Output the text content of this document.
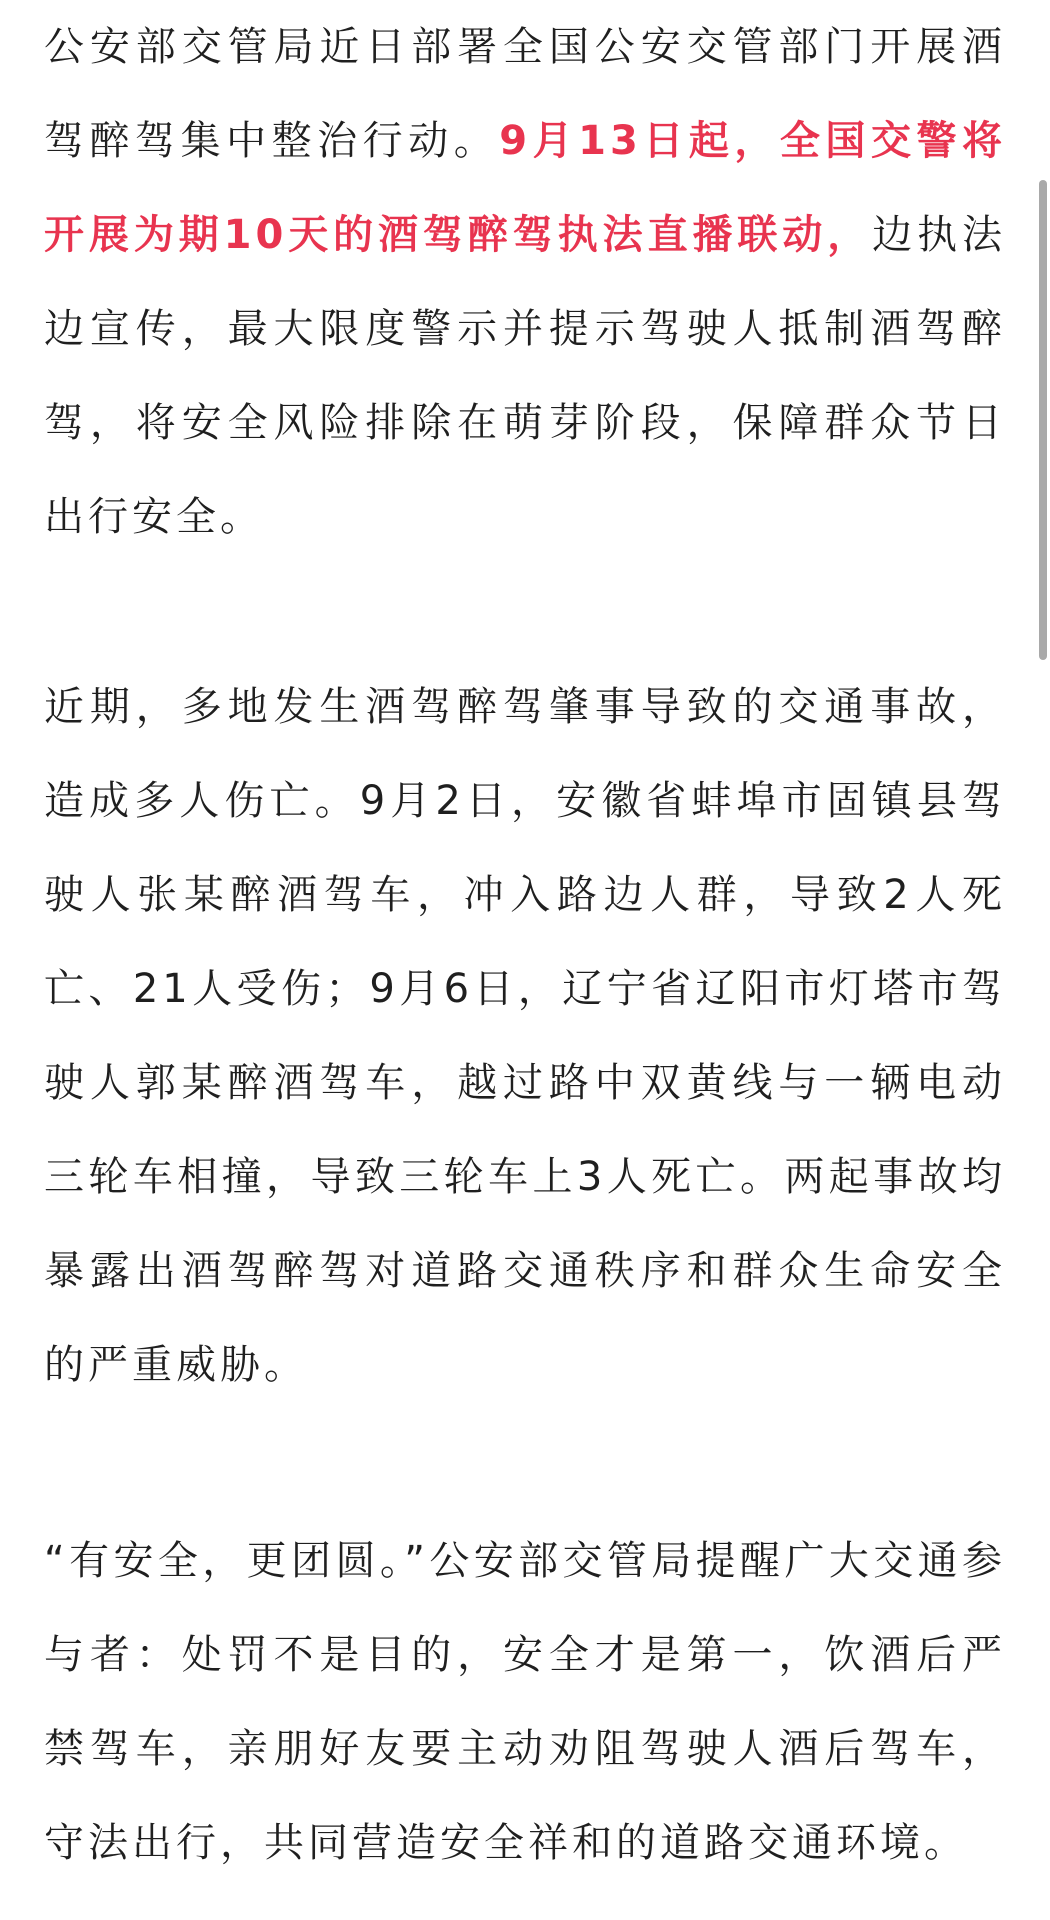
公安部交管局近日部署全国公安交管部门开展酒驾醉驾集中整治行动。9月13日起，全国交警将开展为期10天的酒驾醉驾执法直播联动，边执法边宣传，最大限度警示并提示驾驶人抵制酒驾醉驾，将安全风险排除在萌芽阶段，保障群众节日出行安全。

近期，多地发生酒驾醉驾肇事导致的交通事故，造成多人伤亡。9月2日，安徽省蚌埠市固镇县驾驶人张某醉酒驾车，冲入路边人群，导致2人死亡、21人受伤；9月6日，辽宁省辽阳市灯塔市驾驶人郭某醉酒驾车，越过路中双黄线与一辆电动三轮车相撞，导致三轮车上3人死亡。两起事故均暴露出酒驾醉驾对道路交通秩序和群众生命安全的严重威胁。

“有安全，更团圆。”公安部交管局提醒广大交通参与者：处罚不是目的，安全才是第一，饮酒后严禁驾车，亲朋好友要主动劝阻驾驶人酒后驾车，守法出行，共同营造安全祥和的道路交通环境。
